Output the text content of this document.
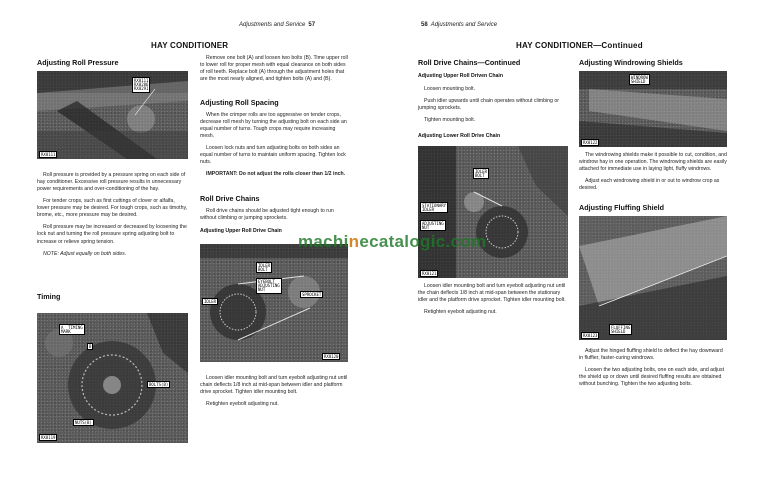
Adjustments and Service 57
HAY CONDITIONER
Adjusting Roll Pressure
RX8111
RX8286
RX8291
RX8111

Roll pressure is provided by a pressure spring on each side of hay conditioner. Excessive roll pressure results in unnecessary power requirements and over-conditioning of the hay.

For tender crops, such as first cuttings of clover or alfalfa, lower pressure may be desired. For tough crops, such as timothy, brome, etc., more pressure may be desired.

Roll pressure may be increased or decreased by loosening the lock nut and turning the roll pressure spring adjusting bolt to increase or relieve spring tension.

NOTE: Adjust equally on both sides.

Timing
A  TIMING
MARK
B
BOLTS(B)
NUTS(B)
RX8119

Remove one bolt (A) and loosen two bolts (B). Time upper roll to lower roll for proper mesh with equal clearance on both sides of roll teeth. Replace bolt (A) through the adjustment holes that are the most nearly aligned, and tighten bolts (A) and (B).

Adjusting Roll Spacing

When the crimper rolls are too aggressive on tender crops, decrease roll mesh by turning the adjusting bolt on each side an equal number of turns. Tough crops may require increasing mesh.

Loosen lock nuts and turn adjusting bolts on both sides an equal number of turns to maintain uniform spacing. Tighten lock nuts.

IMPORTANT: Do not adjust the rolls closer than 1/2 inch.

Roll Drive Chains

Roll drive chains should be adjusted tight enough to run without climbing or jumping sprockets.

Adjusting Upper Roll Drive Chain
IDLER
BOLT
EYEBOLT
ADJUSTING
NUT
SPROCKET
IDLER
RX8120

Loosen idler mounting bolt and turn eyebolt adjusting nut until chain deflects 1/8 inch at mid-span between idler and platform drive sprocket. Tighten idler mounting bolt.

Retighten eyebolt adjusting nut.

58 Adjustments and Service
HAY CONDITIONER—Continued
Roll Drive Chains—Continued
Adjusting Upper Roll Driven Chain

Loosen mounting bolt.

Push idler upwards until chain operates without climbing or jumping sprockets.

Tighten mounting bolt.

Adjusting Lower Roll Drive Chain
IDLER
BOLT
STATIONARY
IDLER
ADJUSTING
NUT
RX8121

Loosen idler mounting bolt and turn eyebolt adjusting nut until the chain deflects 1/8 inch at mid-span between the stationary idler and the platform drive sprocket. Tighten idler mounting bolt.

Retighten eyebolt adjusting nut.

Adjusting Windrowing Shields
WINDROW
SHIELD
RX8122

The windrowing shields make it possible to cut, condition, and windrow hay in one operation. The windrowing shields are easily attached for immediate use in laying light, fluffy windrows.

Adjust each windrowing shield in or out to windrow crop as desired.

Adjusting Fluffing Shield
FLUFFING
SHIELD
RX8123

Adjust the hinged fluffing shield to deflect the hay downward in fluffier, faster-curing windrows.

Loosen the two adjusting bolts, one on each side, and adjust the shield up or down until desired fluffing results are obtained without bunching. Tighten the two adjusting bolts.

machinecatalogic.com
